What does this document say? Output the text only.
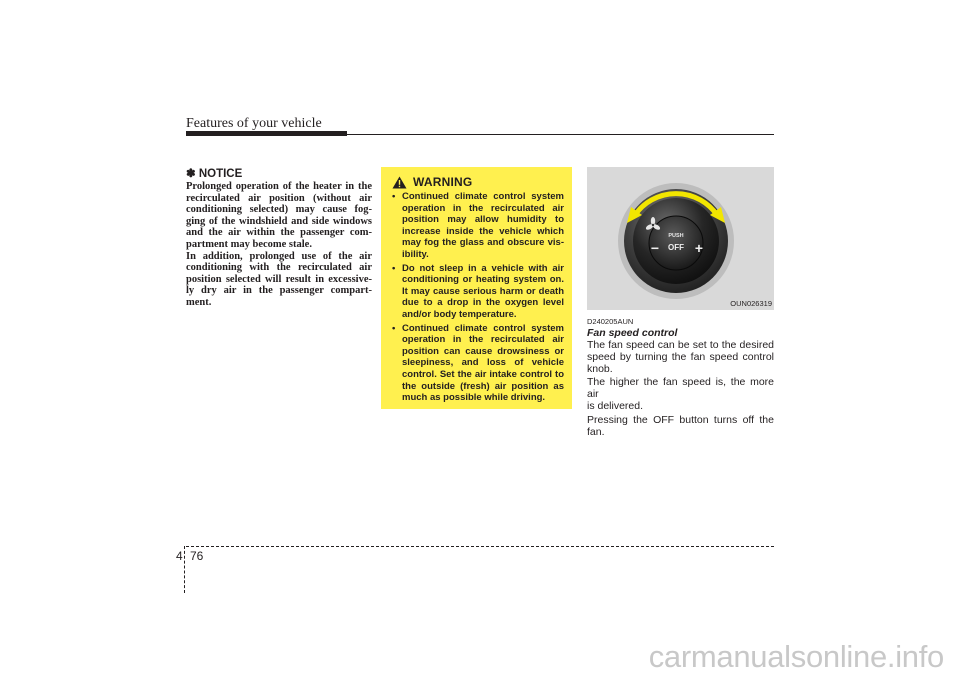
Features of your vehicle
✽ NOTICE

Prolonged operation of the heater in the

recirculated air position (without air

conditioning selected) may cause fog-

ging of the windshield and side windows

and the air within the passenger com-

partment may become stale.

In addition, prolonged use of the air

conditioning with the recirculated air

position selected will result in excessive-

ly dry air in the passenger compart-

ment.

WARNING
• Continued climate control system
operation in the recirculated air
position may allow humidity to
increase inside the vehicle which
may fog the glass and obscure vis-
ibility.
• Do not sleep in a vehicle with air
conditioning or heating system on.
It may cause serious harm or death
due to a drop in the oxygen level
and/or body temperature.
• Continued climate control system
operation in the recirculated air
position can cause drowsiness or
sleepiness, and loss of vehicle
control. Set the air intake control to
the outside (fresh) air position as
much as possible while driving.
PUSH
OFF
−	+
OUN026319
D240205AUN
Fan speed control
The fan speed can be set to the desired
speed by turning the fan speed control
knob.
The higher the fan speed is, the more air
is delivered.
Pressing the OFF button turns off the
fan.
4 76
carmanualsonline.info
